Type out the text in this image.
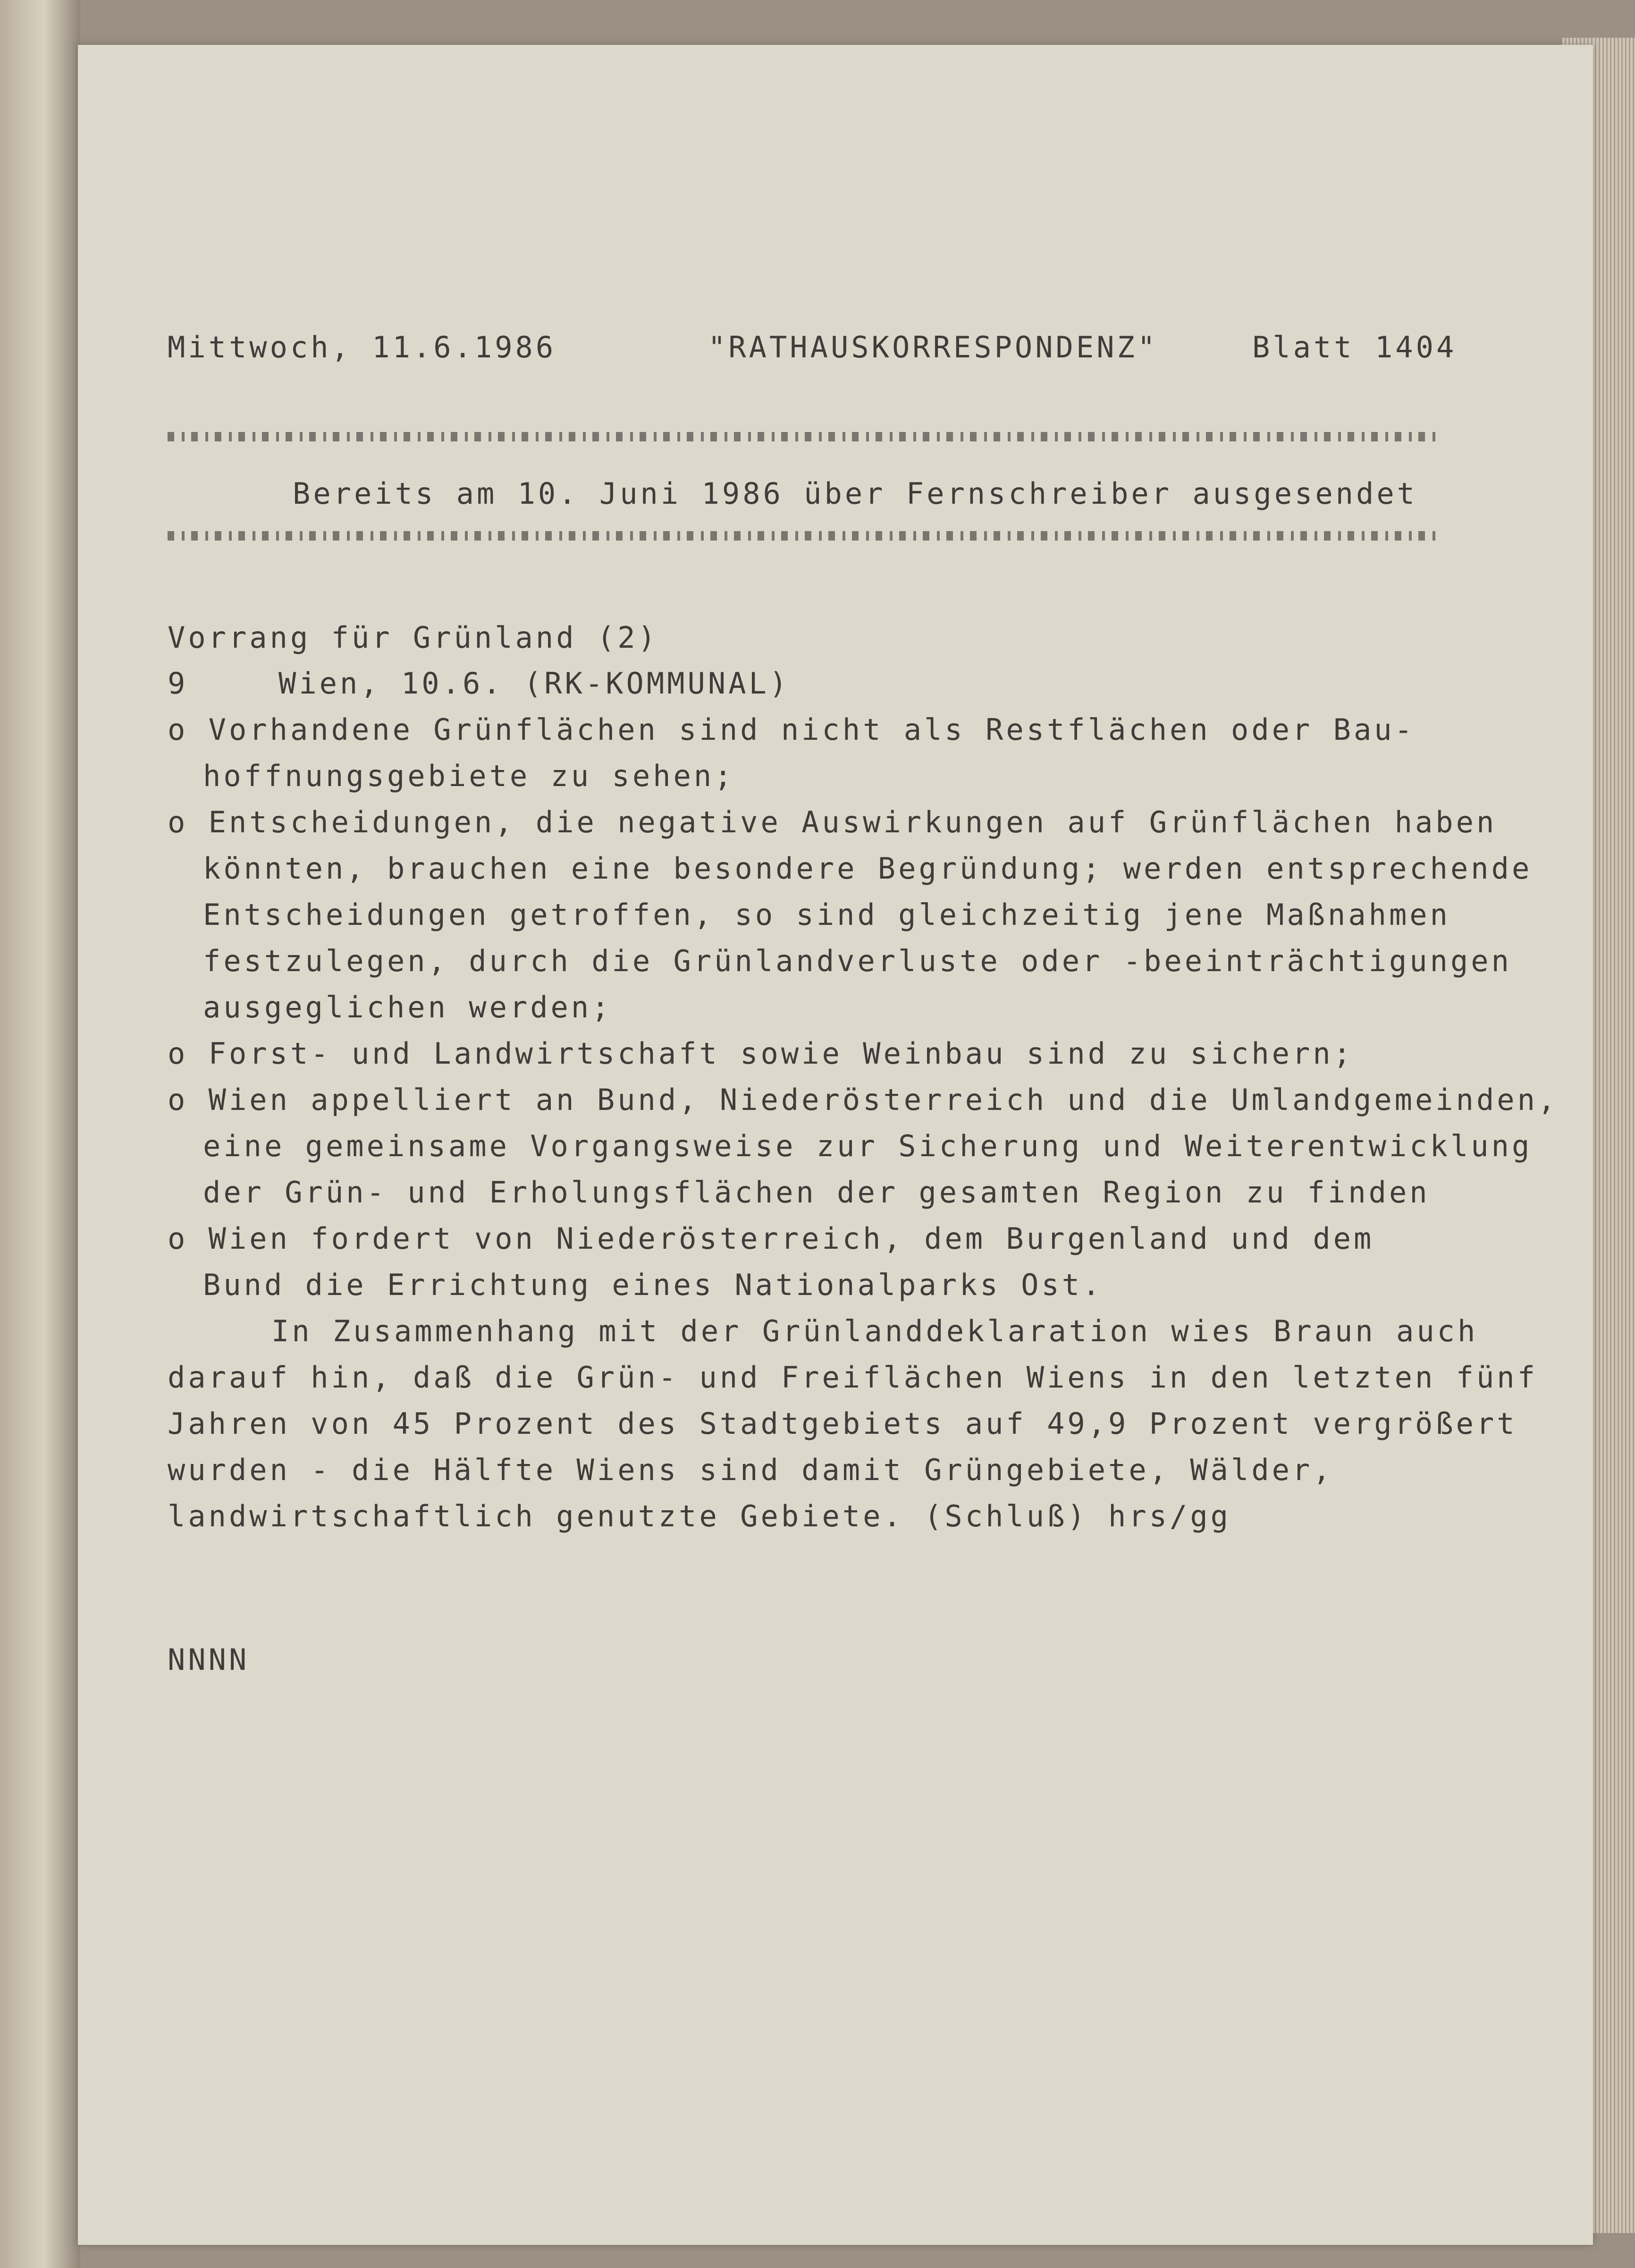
Mittwoch, 11.6.1986	"RATHAUSKORRESPONDENZ"	Blatt 1404
Bereits am 10. Juni 1986 über Fernschreiber ausgesendet
Vorrang für Grünland (2)
9	Wien, 10.6. (RK-KOMMUNAL)
o Vorhandene Grünflächen sind nicht als Restflächen oder Bau-
hoffnungsgebiete zu sehen;
o Entscheidungen, die negative Auswirkungen auf Grünflächen haben
könnten, brauchen eine besondere Begründung; werden entsprechende
Entscheidungen getroffen, so sind gleichzeitig jene Maßnahmen
festzulegen, durch die Grünlandverluste oder -beeinträchtigungen
ausgeglichen werden;
o Forst- und Landwirtschaft sowie Weinbau sind zu sichern;
o Wien appelliert an Bund, Niederösterreich und die Umlandgemeinden,
eine gemeinsame Vorgangsweise zur Sicherung und Weiterentwicklung
der Grün- und Erholungsflächen der gesamten Region zu finden
o Wien fordert von Niederösterreich, dem Burgenland und dem
Bund die Errichtung eines Nationalparks Ost.
In Zusammenhang mit der Grünlanddeklaration wies Braun auch
darauf hin, daß die Grün- und Freiflächen Wiens in den letzten fünf
Jahren von 45 Prozent des Stadtgebiets auf 49,9 Prozent vergrößert
wurden - die Hälfte Wiens sind damit Grüngebiete, Wälder,
landwirtschaftlich genutzte Gebiete. (Schluß) hrs/gg
NNNN
